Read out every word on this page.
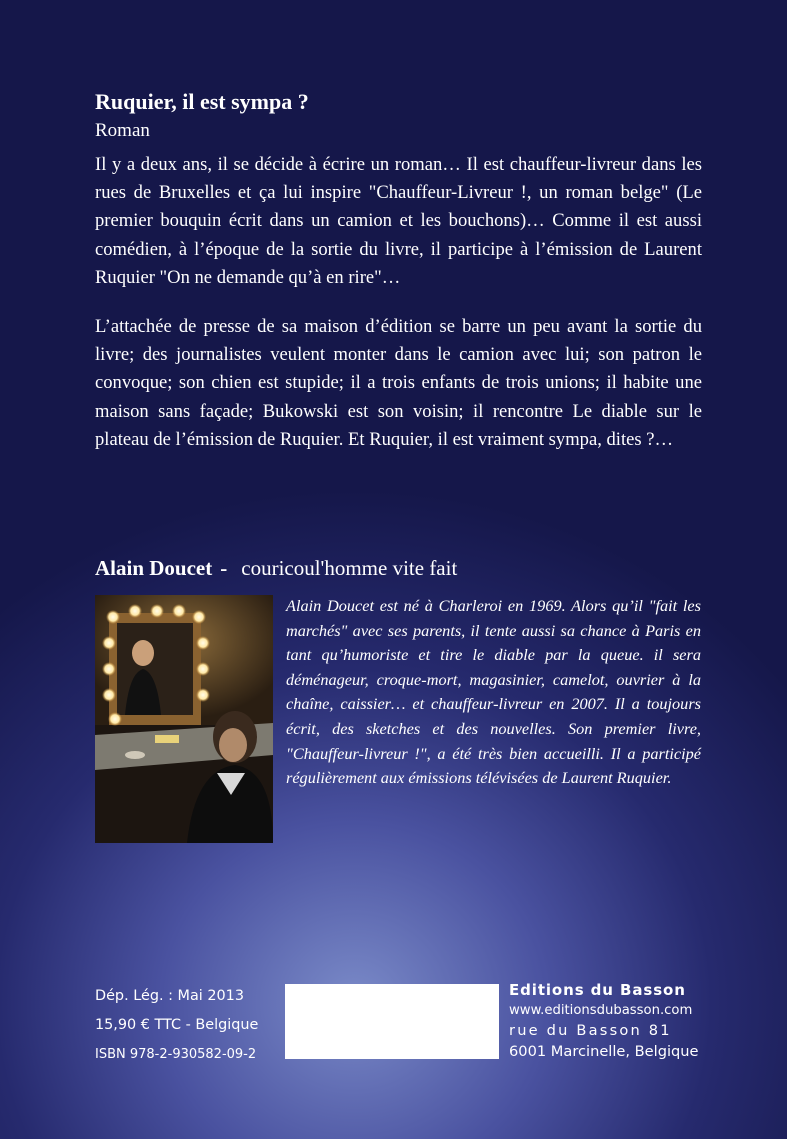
Ruquier, il est sympa ?
Roman

Il y a deux ans, il se décide à écrire un roman… Il est chauffeur-livreur dans les rues de Bruxelles et ça lui inspire "Chauffeur-Livreur !, un roman belge" (Le premier bouquin écrit dans un camion et les bouchons)… Comme il est aussi comédien, à l’époque de la sortie du livre, il participe à l’émission de Laurent Ruquier "On ne demande qu’à en rire"…

L’attachée de presse de sa maison d’édition se barre un peu avant la sortie du livre; des journalistes veulent monter dans le camion avec lui; son patron le convoque; son chien est stupide; il a trois enfants de trois unions; il habite une maison sans façade; Bukowski est son voisin; il rencontre Le diable sur le plateau de l’émission de Ruquier. Et Ruquier, il est vraiment sympa, dites ?…

Alain Doucet - couricoul'homme vite fait

Alain Doucet est né à Charleroi en 1969. Alors qu’il "fait les marchés" avec ses parents, il tente aussi sa chance à Paris en tant qu’humoriste et tire le diable par la queue. il sera déménageur, croque-mort, magasinier, camelot, ouvrier à la chaîne, caissier… et chauffeur-livreur en 2007. Il a toujours écrit, des sketches et des nouvelles. Son premier livre, "Chauffeur-livreur !", a été très bien accueilli. Il a participé régulièrement aux émissions télévisées de Laurent Ruquier.

Dép. Lég. : Mai 2013
15,90 € TTC - Belgique
ISBN 978-2-930582-09-2
Editions du Basson
www.editionsdubasson.com
rue du Basson 81
6001 Marcinelle, Belgique
